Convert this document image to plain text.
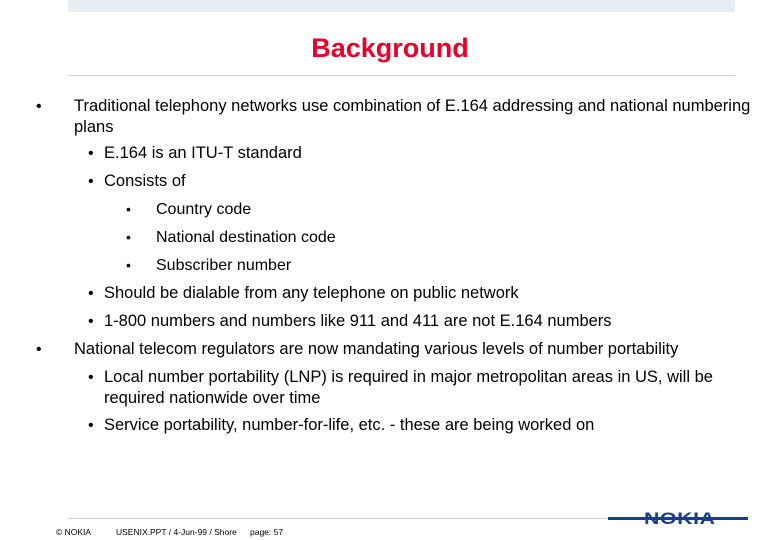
Background
• Traditional telephony networks use combination of E.164 addressing and national numbering plans
• E.164 is an ITU-T standard
• Consists of
• Country code
• National destination code
• Subscriber number
• Should be dialable from any telephone on public network
• 1-800 numbers and numbers like 911 and 411 are not E.164 numbers
• National telecom regulators are now mandating various levels of number portability
• Local number portability (LNP) is required in major metropolitan areas in US, will be required nationwide over time
• Service portability, number-for-life, etc. - these are being worked on
© NOKIA	USENIX.PPT / 4-Jun-99 / Shore page: 57
NOKIA
